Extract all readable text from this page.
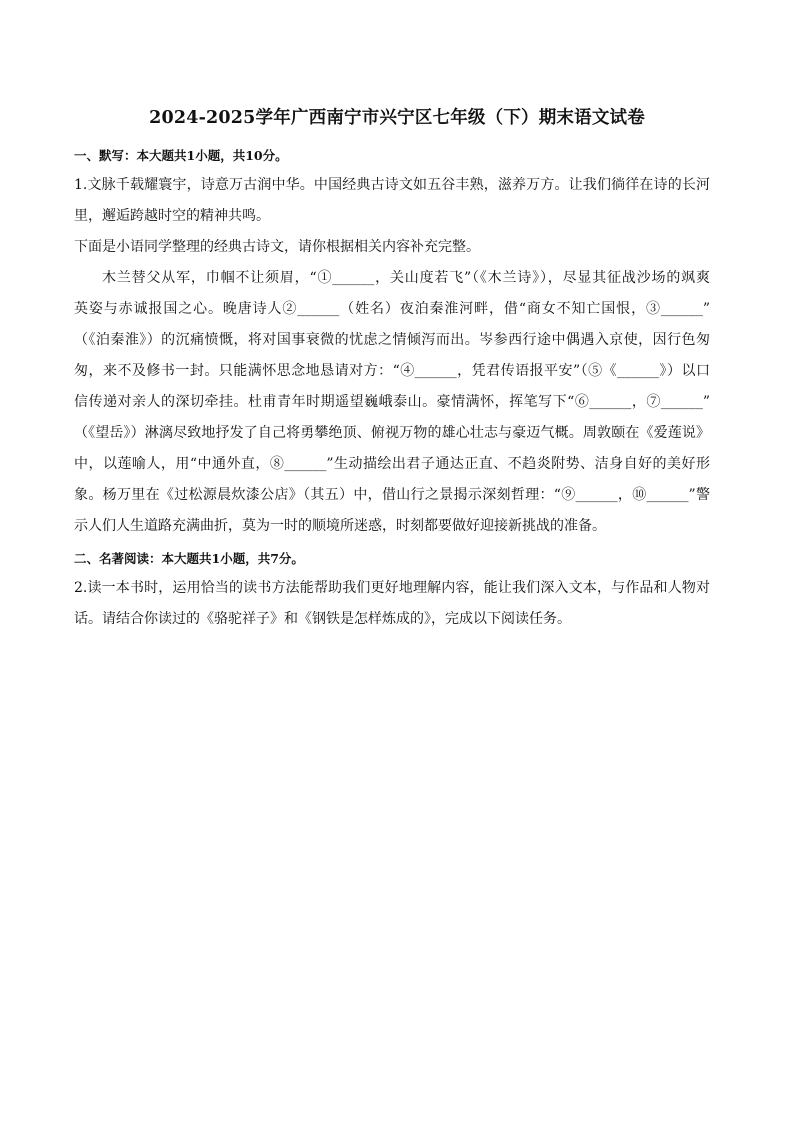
2024-2025学年广西南宁市兴宁区七年级（下）期末语文试卷
一、默写：本大题共1小题，共10分。
1.文脉千载耀寰宇，诗意万古润中华。中国经典古诗文如五谷丰熟，滋养万方。让我们徜徉在诗的长河
里，邂逅跨越时空的精神共鸣。
下面是小语同学整理的经典古诗文，请你根据相关内容补充完整。
木兰替父从军，巾帼不让须眉，“①______，关山度若飞”（《木兰诗》），尽显其征战沙场的飒爽
英姿与赤诚报国之心。晚唐诗人②______（姓名）夜泊秦淮河畔，借“商女不知亡国恨，③______”
（《泊秦淮》）的沉痛愤慨，将对国事衰微的忧虑之情倾泻而出。岑参西行途中偶遇入京使，因行色匆
匆，来不及修书一封。只能满怀思念地恳请对方：“④______，凭君传语报平安”（⑤《______》）以口
信传递对亲人的深切牵挂。杜甫青年时期遥望巍峨泰山。豪情满怀，挥笔写下“⑥______，⑦______”
（《望岳》）淋漓尽致地抒发了自己将勇攀绝顶、俯视万物的雄心壮志与豪迈气概。周敦颐在《爱莲说》
中，以莲喻人，用“中通外直，⑧______”生动描绘出君子通达正直、不趋炎附势、洁身自好的美好形
象。杨万里在《过松源晨炊漆公店》（其五）中，借山行之景揭示深刻哲理：“⑨______，⑩______”警
示人们人生道路充满曲折，莫为一时的顺境所迷惑，时刻都要做好迎接新挑战的准备。
二、名著阅读：本大题共1小题，共7分。
2.读一本书时，运用恰当的读书方法能帮助我们更好地理解内容，能让我们深入文本，与作品和人物对
话。请结合你读过的《骆驼祥子》和《钢铁是怎样炼成的》，完成以下阅读任务。
